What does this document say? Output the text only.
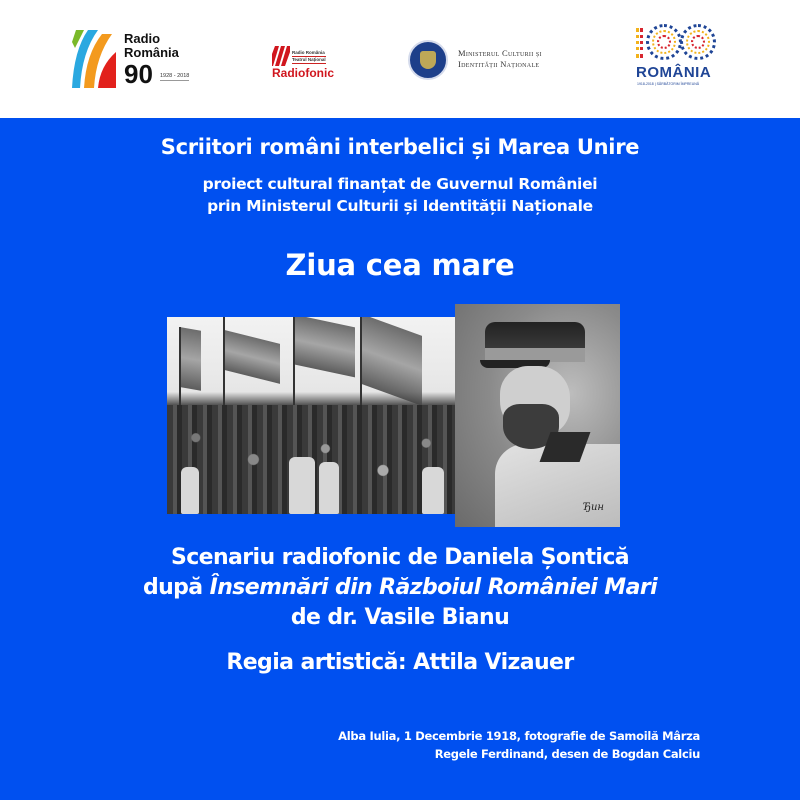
Radio
România
90	1928 - 2018
Radio România
Teatrul Național
Radiofonic
Ministerul Culturii și
Identității Naționale	ROMÂNIA
1918-2018 | SĂRBĂTORIM ÎMPREUNĂ
Scriitori români interbelici și Marea Unire
proiect cultural finanțat de Guvernul României
prin Ministerul Culturii și Identității Naționale
Ziua cea mare
Ђин
Scenariu radiofonic de Daniela Șontică
după Însemnări din Războiul României Mari
de dr. Vasile Bianu
Regia artistică: Attila Vizauer
Alba Iulia, 1 Decembrie 1918, fotografie de Samoilă Mârza
Regele Ferdinand, desen de Bogdan Calciu
